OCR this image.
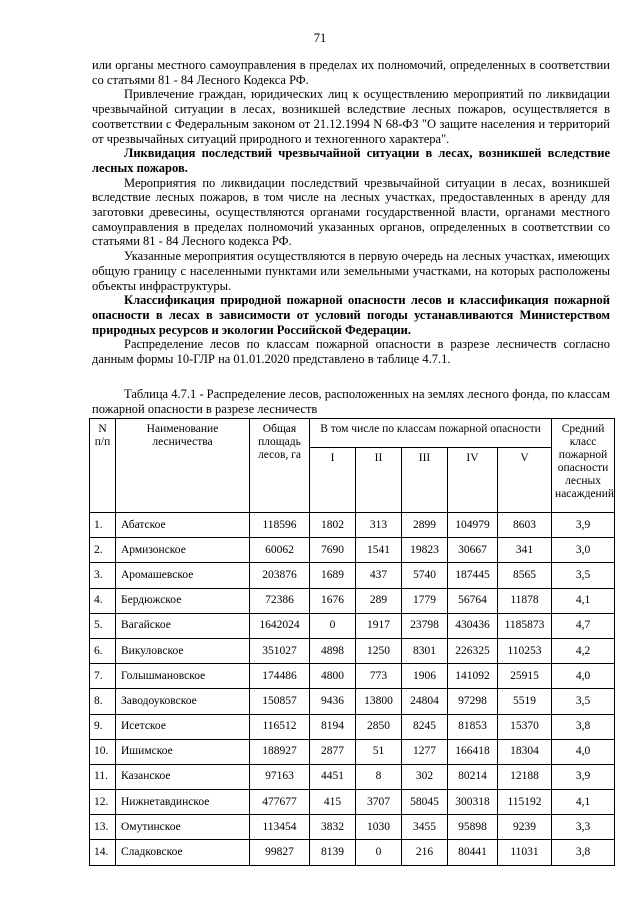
71

или органы местного самоуправления в пределах их полномочий, определенных в соответствии со статьями 81 - 84 Лесного Кодекса РФ.

Привлечение граждан, юридических лиц к осуществлению мероприятий по ликвидации чрезвычайной ситуации в лесах, возникшей вследствие лесных пожаров, осуществляется в соответствии с Федеральным законом от 21.12.1994 N 68-ФЗ "О защите населения и территорий от чрезвычайных ситуаций природного и техногенного характера".

Ликвидация последствий чрезвычайной ситуации в лесах, возникшей вследствие лесных пожаров.

Мероприятия по ликвидации последствий чрезвычайной ситуации в лесах, возникшей вследствие лесных пожаров, в том числе на лесных участках, предоставленных в аренду для заготовки древесины, осуществляются органами государственной власти, органами местного самоуправления в пределах полномочий указанных органов, определенных в соответствии со статьями 81 - 84 Лесного кодекса РФ.

Указанные мероприятия осуществляются в первую очередь на лесных участках, имеющих общую границу с населенными пунктами или земельными участками, на которых расположены объекты инфраструктуры.

Классификация природной пожарной опасности лесов и классификация пожарной опасности в лесах в зависимости от условий погоды устанавливаются Министерством природных ресурсов и экологии Российской Федерации.

Распределение лесов по классам пожарной опасности в разрезе лесничеств согласно данным формы 10-ГЛР на 01.01.2020 представлено в таблице 4.7.1.

Таблица 4.7.1 - Распределение лесов, расположенных на землях лесного фонда, по классам пожарной опасности в разрезе лесничеств

N п/п	Наименование лесничества	Общая площадь лесов, га	В том числе по классам пожарной опасности					Средний класс пожарной опасности лесных насаждений
			I	II	III	IV	V	
1.	Абатское	118596	1802	313	2899	104979	8603	3,9
2.	Армизонское	60062	7690	1541	19823	30667	341	3,0
3.	Аромашевское	203876	1689	437	5740	187445	8565	3,5
4.	Бердюжское	72386	1676	289	1779	56764	11878	4,1
5.	Вагайское	1642024	0	1917	23798	430436	1185873	4,7
6.	Викуловское	351027	4898	1250	8301	226325	110253	4,2
7.	Голышмановское	174486	4800	773	1906	141092	25915	4,0
8.	Заводоуковское	150857	9436	13800	24804	97298	5519	3,5
9.	Исетское	116512	8194	2850	8245	81853	15370	3,8
10.	Ишимское	188927	2877	51	1277	166418	18304	4,0
11.	Казанское	97163	4451	8	302	80214	12188	3,9
12.	Нижнетавдинское	477677	415	3707	58045	300318	115192	4,1
13.	Омутинское	113454	3832	1030	3455	95898	9239	3,3
14.	Сладковское	99827	8139	0	216	80441	11031	3,8
